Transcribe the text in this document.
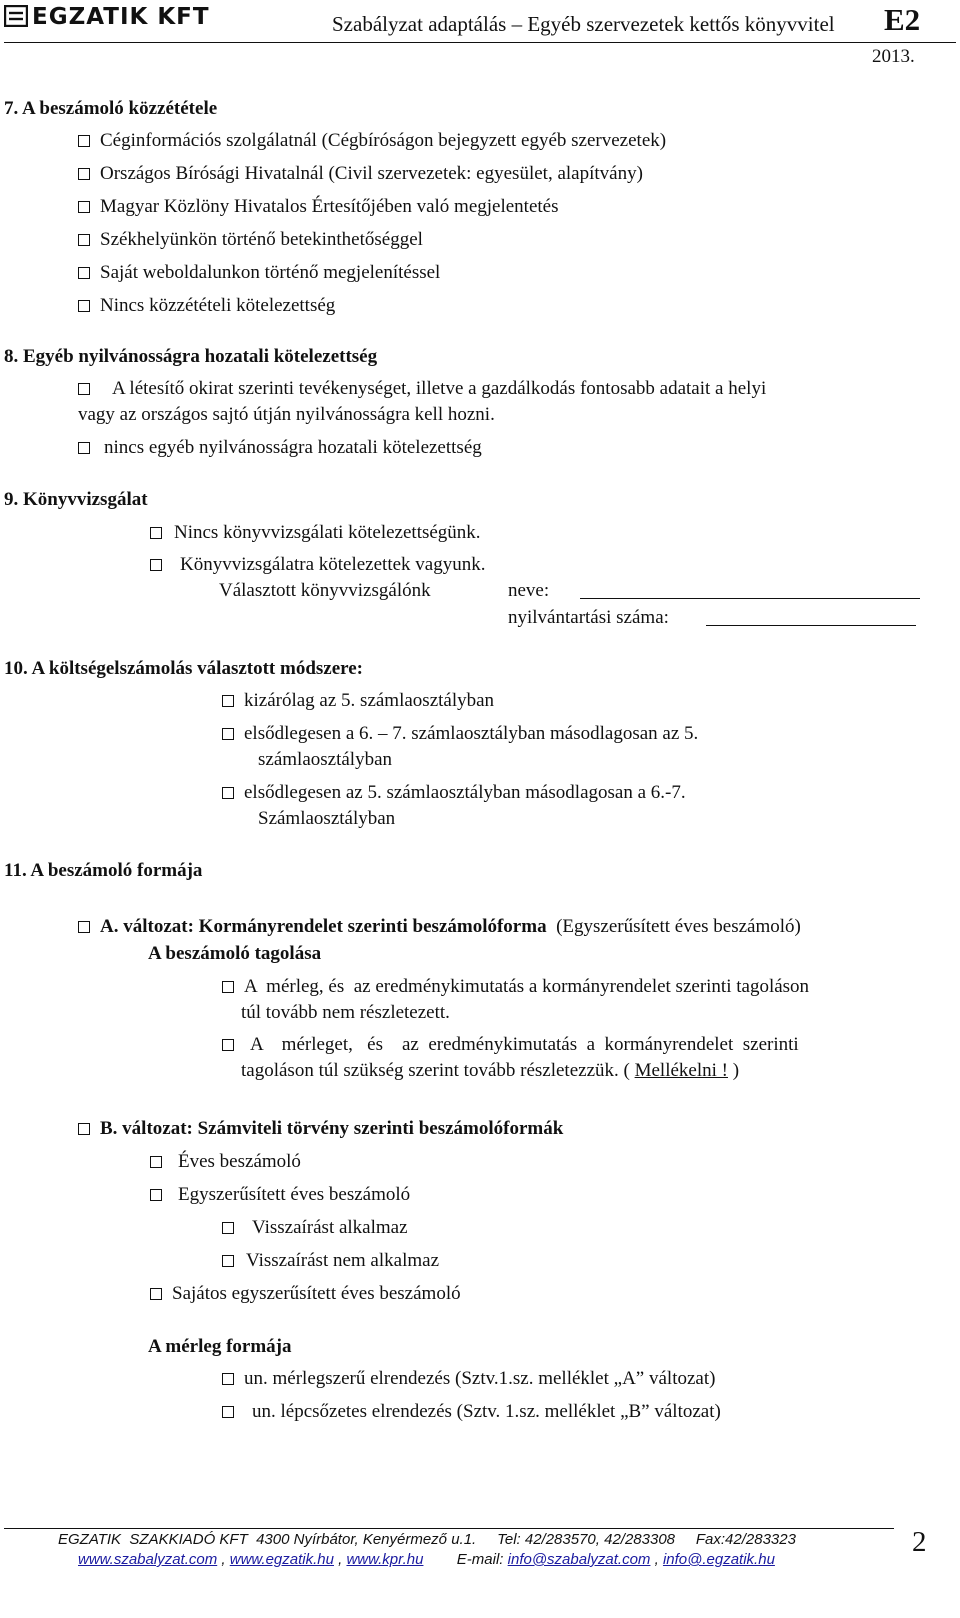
EGZATIK KFT	Szabályzat adaptálás – Egyéb szervezetek kettős könyvvitel E2
2013.
7. A beszámoló közzététele
Céginformációs szolgálatnál (Cégbíróságon bejegyzett egyéb szervezetek)
Országos Bírósági Hivatalnál (Civil szervezetek: egyesület, alapítvány)
Magyar Közlöny Hivatalos Értesítőjében való megjelentetés
Székhelyünkön történő betekinthetőséggel
Saját weboldalunkon történő megjelenítéssel
Nincs közzétételi kötelezettség
8. Egyéb nyilvánosságra hozatali kötelezettség
A létesítő okirat szerinti tevékenységet, illetve a gazdálkodás fontosabb adatait a helyi
vagy az országos sajtó útján nyilvánosságra kell hozni.
nincs egyéb nyilvánosságra hozatali kötelezettség
9. Könyvvizsgálat
Nincs könyvvizsgálati kötelezettségünk.
Könyvvizsgálatra kötelezettek vagyunk.
Választott könyvvizsgálónk	neve:
nyilvántartási száma:
10. A költségelszámolás választott módszere:
kizárólag az 5. számlaosztályban
elsődlegesen a 6. – 7. számlaosztályban másodlagosan az 5.
számlaosztályban
elsődlegesen az 5. számlaosztályban másodlagosan a 6.-7.
Számlaosztályban
11. A beszámoló formája
A. változat: Kormányrendelet szerinti beszámolóforma (Egyszerűsített éves beszámoló)
A beszámoló tagolása
A  mérleg, és  az eredménykimutatás a kormányrendelet szerinti tagoláson
túl tovább nem részletezett.
A    mérleget,   és    az  eredménykimutatás  a  kormányrendelet  szerinti
tagoláson túl szükség szerint tovább részletezzük. ( Mellékelni ! )
B. változat: Számviteli törvény szerinti beszámolóformák
Éves beszámoló
Egyszerűsített éves beszámoló
Visszaírást alkalmaz
Visszaírást nem alkalmaz
Sajátos egyszerűsített éves beszámoló
A mérleg formája
un. mérlegszerű elrendezés (Sztv.1.sz. melléklet „A” változat)
un. lépcsőzetes elrendezés (Sztv. 1.sz. melléklet „B” változat)
EGZATIK  SZAKKIADÓ KFT 4300 Nyírbátor, Kenyérmező u.1. Tel: 42/283570, 42/283308 Fax:42/283323
www.szabalyzat.com , www.egzatik.hu , www.kpr.hu E-mail: info@szabalyzat.com , info@.egzatik.hu
2
